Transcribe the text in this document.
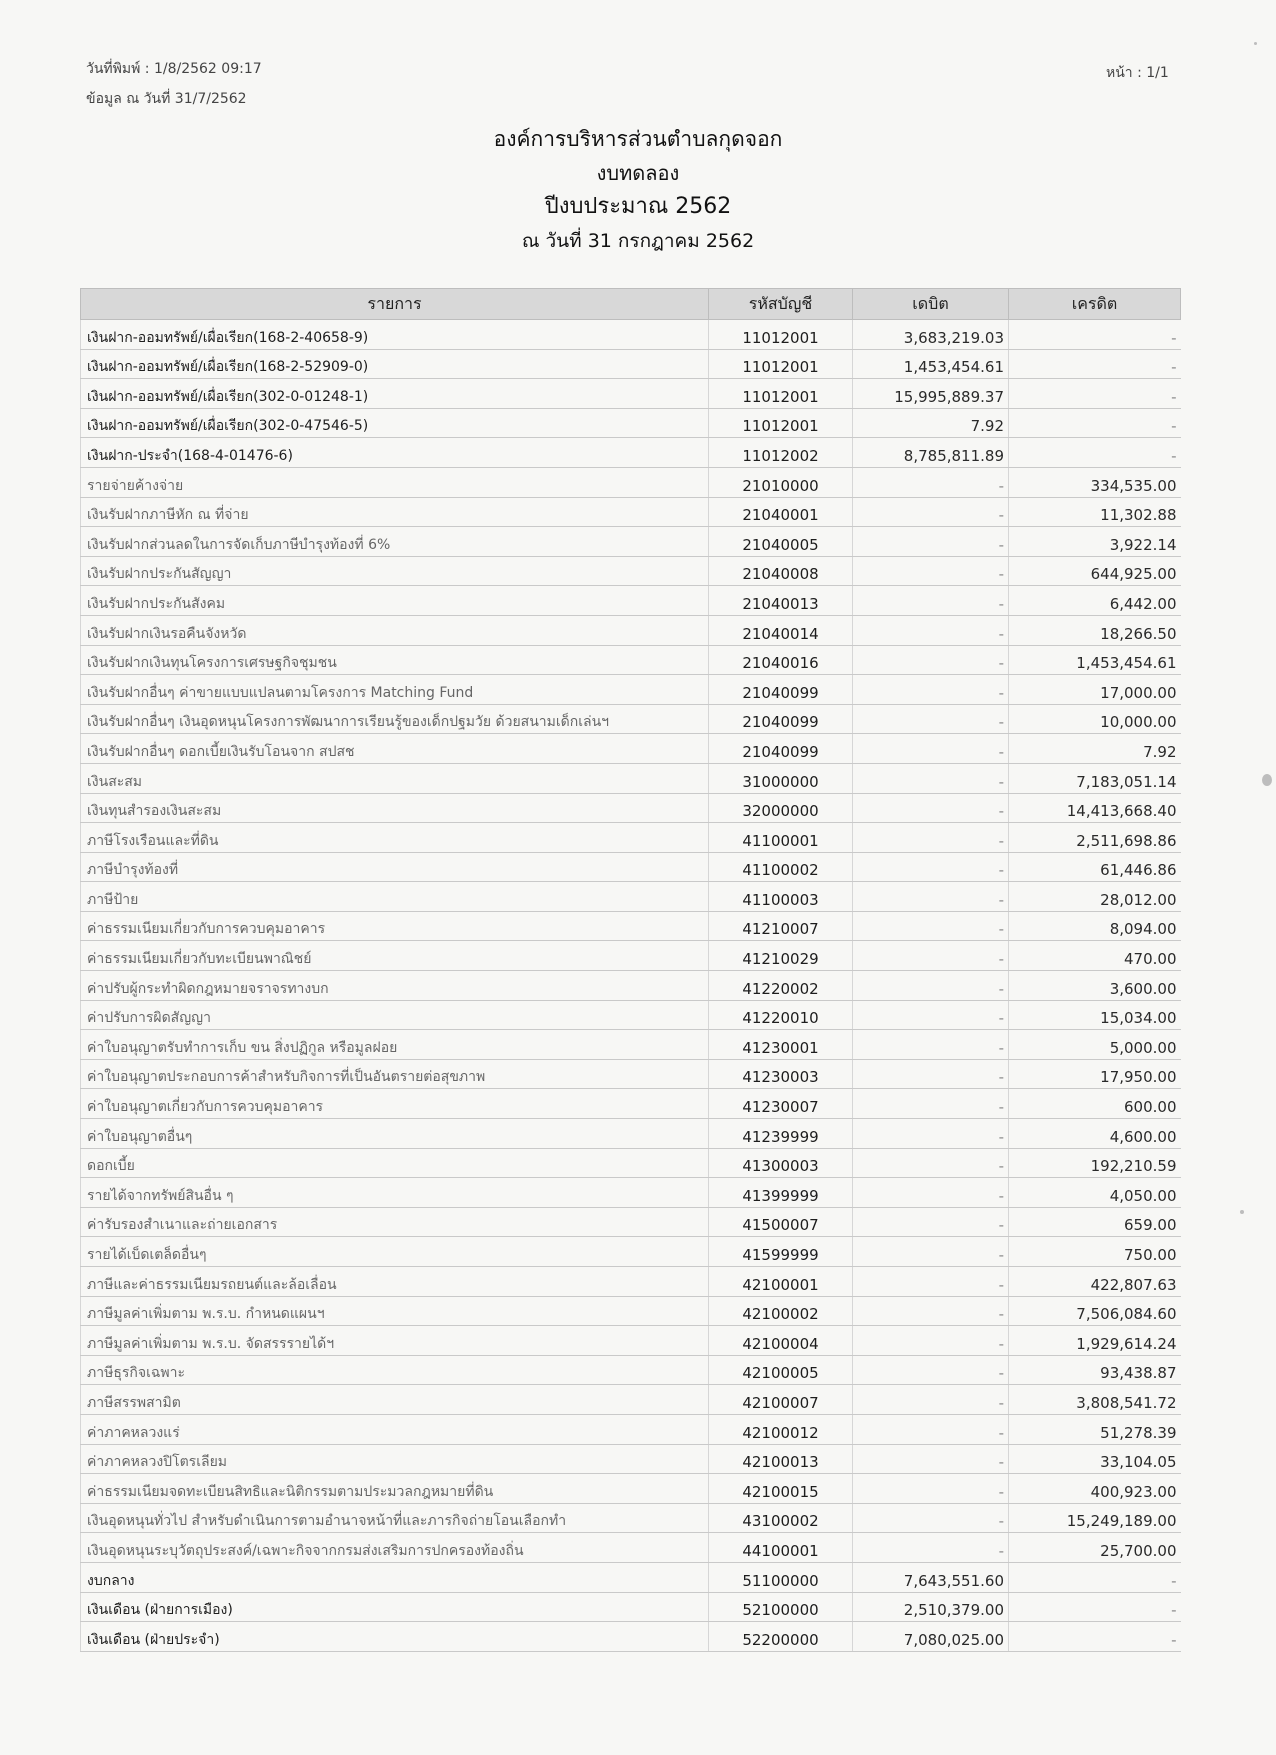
วันที่พิมพ์ : 1/8/2562 09:17
ข้อมูล ณ วันที่ 31/7/2562
หน้า : 1/1
องค์การบริหารส่วนตำบลกุดจอก
งบทดลอง
ปีงบประมาณ 2562
ณ วันที่ 31 กรกฎาคม 2562
รายการ	รหัสบัญชี	เดบิต	เครดิต
เงินฝาก-ออมทรัพย์/เผื่อเรียก(168-2-40658-9)	11012001	3,683,219.03	-
เงินฝาก-ออมทรัพย์/เผื่อเรียก(168-2-52909-0)	11012001	1,453,454.61	-
เงินฝาก-ออมทรัพย์/เผื่อเรียก(302-0-01248-1)	11012001	15,995,889.37	-
เงินฝาก-ออมทรัพย์/เผื่อเรียก(302-0-47546-5)	11012001	7.92	-
เงินฝาก-ประจำ(168-4-01476-6)	11012002	8,785,811.89	-
รายจ่ายค้างจ่าย	21010000	-	334,535.00
เงินรับฝากภาษีหัก ณ ที่จ่าย	21040001	-	11,302.88
เงินรับฝากส่วนลดในการจัดเก็บภาษีบำรุงท้องที่ 6%	21040005	-	3,922.14
เงินรับฝากประกันสัญญา	21040008	-	644,925.00
เงินรับฝากประกันสังคม	21040013	-	6,442.00
เงินรับฝากเงินรอคืนจังหวัด	21040014	-	18,266.50
เงินรับฝากเงินทุนโครงการเศรษฐกิจชุมชน	21040016	-	1,453,454.61
เงินรับฝากอื่นๆ ค่าขายแบบแปลนตามโครงการ Matching Fund	21040099	-	17,000.00
เงินรับฝากอื่นๆ เงินอุดหนุนโครงการพัฒนาการเรียนรู้ของเด็กปฐมวัย ด้วยสนามเด็กเล่นฯ	21040099	-	10,000.00
เงินรับฝากอื่นๆ ดอกเบี้ยเงินรับโอนจาก สปสช	21040099	-	7.92
เงินสะสม	31000000	-	7,183,051.14
เงินทุนสำรองเงินสะสม	32000000	-	14,413,668.40
ภาษีโรงเรือนและที่ดิน	41100001	-	2,511,698.86
ภาษีบำรุงท้องที่	41100002	-	61,446.86
ภาษีป้าย	41100003	-	28,012.00
ค่าธรรมเนียมเกี่ยวกับการควบคุมอาคาร	41210007	-	8,094.00
ค่าธรรมเนียมเกี่ยวกับทะเบียนพาณิชย์	41210029	-	470.00
ค่าปรับผู้กระทำผิดกฎหมายจราจรทางบก	41220002	-	3,600.00
ค่าปรับการผิดสัญญา	41220010	-	15,034.00
ค่าใบอนุญาตรับทำการเก็บ ขน สิ่งปฏิกูล หรือมูลฝอย	41230001	-	5,000.00
ค่าใบอนุญาตประกอบการค้าสำหรับกิจการที่เป็นอันตรายต่อสุขภาพ	41230003	-	17,950.00
ค่าใบอนุญาตเกี่ยวกับการควบคุมอาคาร	41230007	-	600.00
ค่าใบอนุญาตอื่นๆ	41239999	-	4,600.00
ดอกเบี้ย	41300003	-	192,210.59
รายได้จากทรัพย์สินอื่น ๆ	41399999	-	4,050.00
ค่ารับรองสำเนาและถ่ายเอกสาร	41500007	-	659.00
รายได้เบ็ดเตล็ดอื่นๆ	41599999	-	750.00
ภาษีและค่าธรรมเนียมรถยนต์และล้อเลื่อน	42100001	-	422,807.63
ภาษีมูลค่าเพิ่มตาม พ.ร.บ. กำหนดแผนฯ	42100002	-	7,506,084.60
ภาษีมูลค่าเพิ่มตาม พ.ร.บ. จัดสรรรายได้ฯ	42100004	-	1,929,614.24
ภาษีธุรกิจเฉพาะ	42100005	-	93,438.87
ภาษีสรรพสามิต	42100007	-	3,808,541.72
ค่าภาคหลวงแร่	42100012	-	51,278.39
ค่าภาคหลวงปิโตรเลียม	42100013	-	33,104.05
ค่าธรรมเนียมจดทะเบียนสิทธิและนิติกรรมตามประมวลกฎหมายที่ดิน	42100015	-	400,923.00
เงินอุดหนุนทั่วไป สำหรับดำเนินการตามอำนาจหน้าที่และภารกิจถ่ายโอนเลือกทำ	43100002	-	15,249,189.00
เงินอุดหนุนระบุวัตถุประสงค์/เฉพาะกิจจากกรมส่งเสริมการปกครองท้องถิ่น	44100001	-	25,700.00
งบกลาง	51100000	7,643,551.60	-
เงินเดือน (ฝ่ายการเมือง)	52100000	2,510,379.00	-
เงินเดือน (ฝ่ายประจำ)	52200000	7,080,025.00	-
